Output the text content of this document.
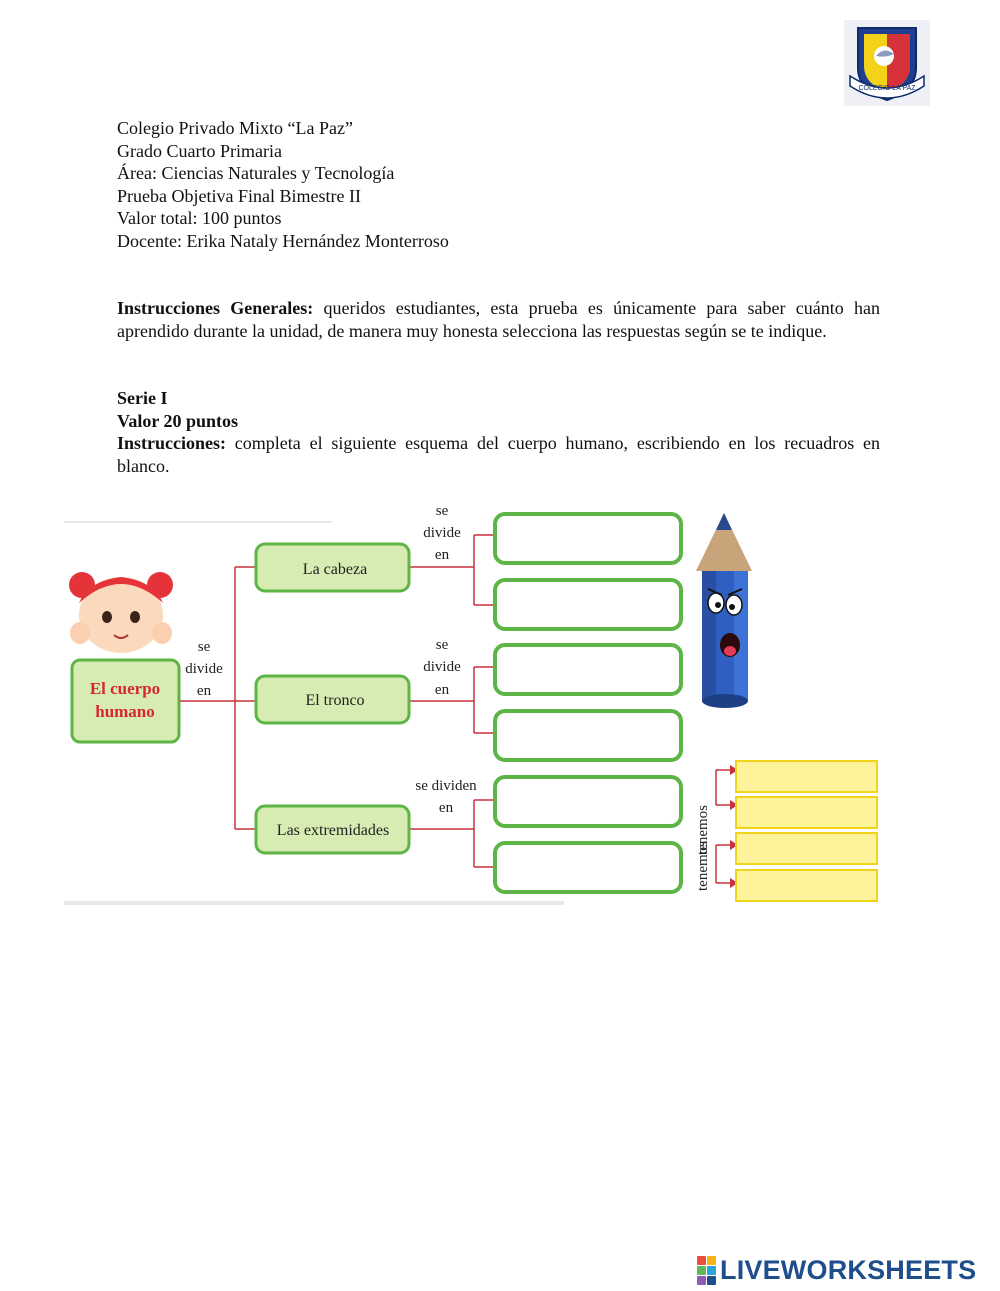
COLEGIO LA PAZ
Colegio Privado Mixto “La Paz”
Grado Cuarto Primaria
Área: Ciencias Naturales y Tecnología
Prueba Objetiva Final Bimestre II
Valor total: 100 puntos
Docente: Erika Nataly Hernández Monterroso
Instrucciones Generales: queridos estudiantes, esta prueba es únicamente para saber cuánto han aprendido durante la unidad, de manera muy honesta selecciona las respuestas según se te indique.
Serie I
Valor 20 puntos
Instrucciones: completa el siguiente esquema del cuerpo humano, escribiendo en los recuadros en blanco.
El cuerpo
humano
se
divide
en
La cabeza
El tronco
Las extremidades
se
divide
en
se
divide
en
se dividen
en	tenemos
tenemos
LIVEWORKSHEETS
